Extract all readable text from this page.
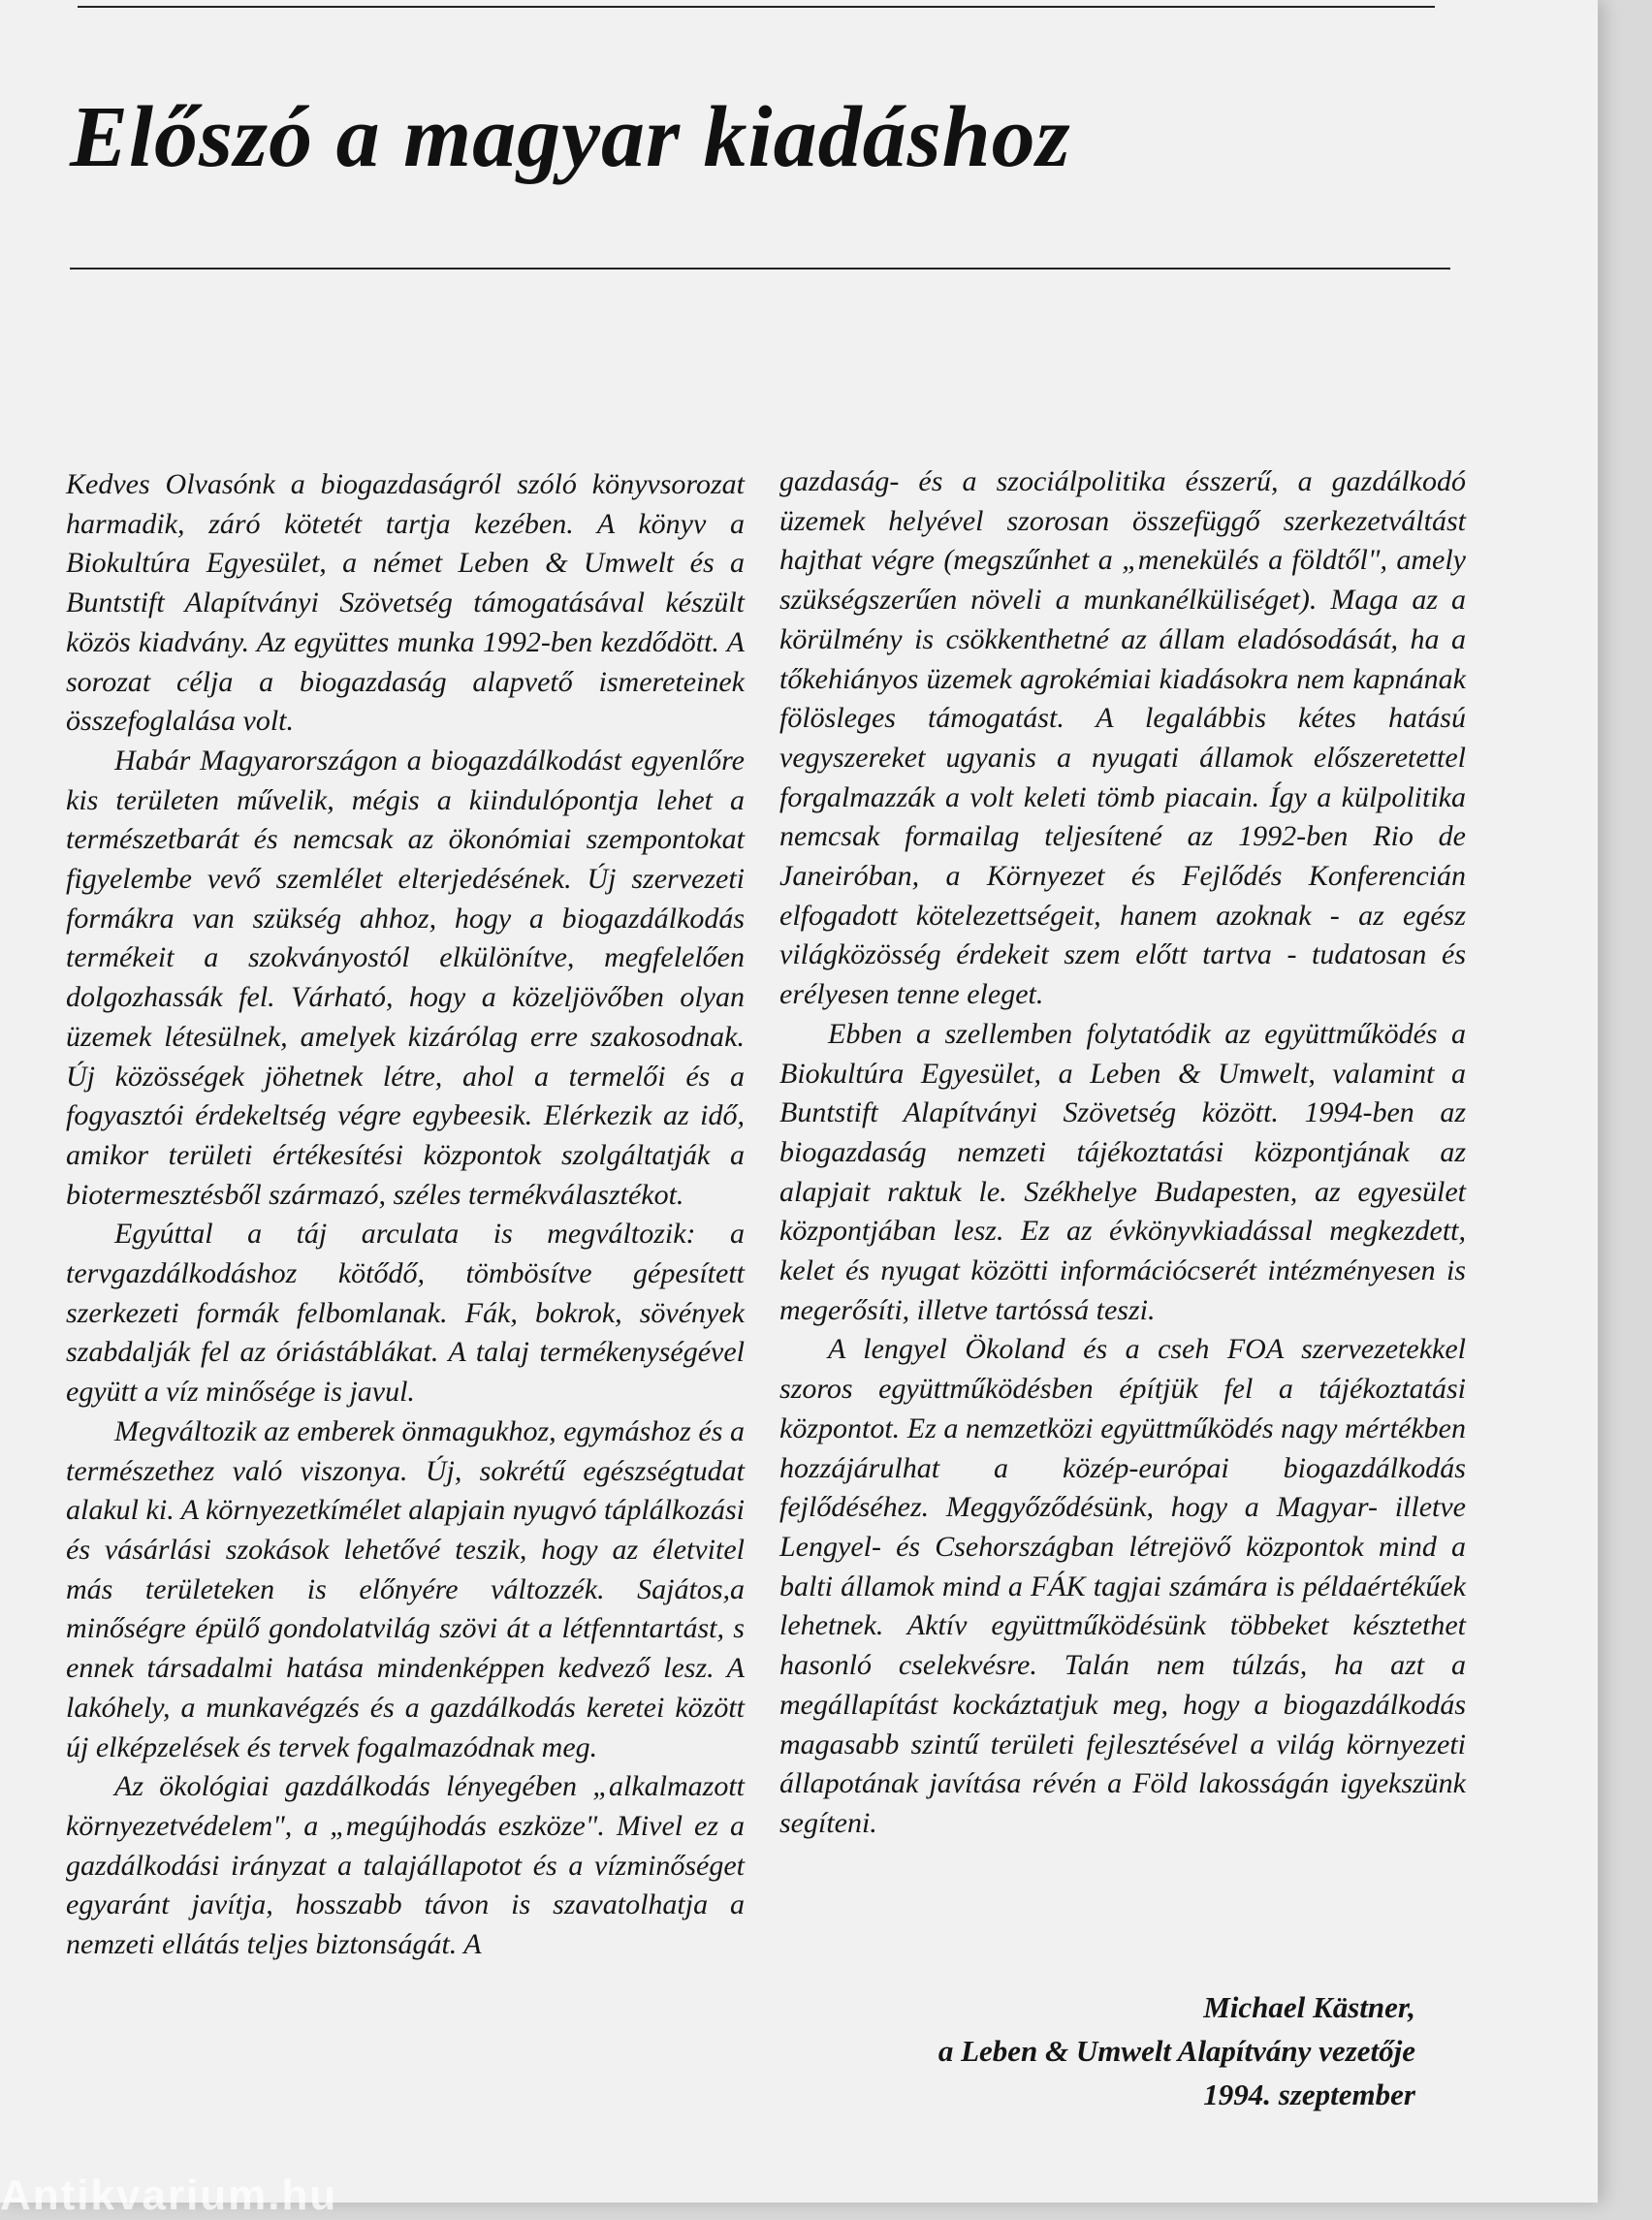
Előszó a magyar kiadáshoz

Kedves Olvasónk a biogazdaságról szóló könyvsorozat harmadik, záró kötetét tartja kezében. A könyv a Biokultúra Egyesület, a német Leben & Umwelt és a Buntstift Alapítványi Szövetség támogatásával készült közös kiadvány. Az együttes munka 1992-ben kezdődött. A sorozat célja a biogazdaság alapvető ismereteinek összefoglalása volt.

Habár Magyarországon a biogazdálkodást egyenlőre kis területen művelik, mégis a kiindulópontja lehet a természetbarát és nemcsak az ökonómiai szempontokat figyelembe vevő szemlélet elterjedésének. Új szervezeti formákra van szükség ahhoz, hogy a biogazdálkodás termékeit a szokványostól elkülönítve, megfelelően dolgozhassák fel. Várható, hogy a közeljövőben olyan üzemek létesülnek, amelyek kizárólag erre szakosodnak. Új közösségek jöhetnek létre, ahol a termelői és a fogyasztói érdekeltség végre egybeesik. Elérkezik az idő, amikor területi értékesítési központok szolgáltatják a biotermesztésből származó, széles termékválasztékot.

Egyúttal a táj arculata is megváltozik: a tervgazdálkodáshoz kötődő, tömbösítve gépesített szerkezeti formák felbomlanak. Fák, bokrok, sövények szabdalják fel az óriástáblákat. A talaj termékenységével együtt a víz minősége is javul.

Megváltozik az emberek önmagukhoz, egymáshoz és a természethez való viszonya. Új, sokrétű egészségtudat alakul ki. A környezetkímélet alapjain nyugvó táplálkozási és vásárlási szokások lehetővé teszik, hogy az életvitel más területeken is előnyére változzék. Sajátos,a minőségre épülő gondolatvilág szövi át a létfenntartást, s ennek társadalmi hatása mindenképpen kedvező lesz. A lakóhely, a munkavégzés és a gazdálkodás keretei között új elképzelések és tervek fogalmazódnak meg.

Az ökológiai gazdálkodás lényegében „alkalmazott környezetvédelem", a „megújhodás eszköze". Mivel ez a gazdálkodási irányzat a talajállapotot és a vízminőséget egyaránt javítja, hosszabb távon is szavatolhatja a nemzeti ellátás teljes biztonságát. A

gazdaság- és a szociálpolitika ésszerű, a gazdálkodó üzemek helyével szorosan összefüggő szerkezetváltást hajthat végre (megszűnhet a „menekülés a földtől", amely szükségszerűen növeli a munkanélküliséget). Maga az a körülmény is csökkenthetné az állam eladósodását, ha a tőkehiányos üzemek agrokémiai kiadásokra nem kapnának fölösleges támogatást. A legalábbis kétes hatású vegyszereket ugyanis a nyugati államok előszeretettel forgalmazzák a volt keleti tömb piacain. Így a külpolitika nemcsak formailag teljesítené az 1992-ben Rio de Janeiróban, a Környezet és Fejlődés Konferencián elfogadott kötelezettségeit, hanem azoknak - az egész világközösség érdekeit szem előtt tartva - tudatosan és erélyesen tenne eleget.

Ebben a szellemben folytatódik az együttműködés a Biokultúra Egyesület, a Leben & Umwelt, valamint a Buntstift Alapítványi Szövetség között. 1994-ben az biogazdaság nemzeti tájékoztatási központjának az alapjait raktuk le. Székhelye Budapesten, az egyesület központjában lesz. Ez az évkönyvkiadással megkezdett, kelet és nyugat közötti információcserét intézményesen is megerősíti, illetve tartóssá teszi.

A lengyel Ökoland és a cseh FOA szervezetekkel szoros együttműködésben építjük fel a tájékoztatási központot. Ez a nemzetközi együttműködés nagy mértékben hozzájárulhat a közép-európai biogazdálkodás fejlődéséhez. Meggyőződésünk, hogy a Magyar- illetve Lengyel- és Csehországban létrejövő központok mind a balti államok mind a FÁK tagjai számára is példaértékűek lehetnek. Aktív együttműködésünk többeket késztethet hasonló cselekvésre. Talán nem túlzás, ha azt a megállapítást kockáztatjuk meg, hogy a biogazdálkodás magasabb szintű területi fejlesztésével a világ környezeti állapotának javítása révén a Föld lakosságán igyekszünk segíteni.

Michael Kästner,
a Leben & Umwelt Alapítvány vezetője
1994. szeptember
Antikvarium.hu
